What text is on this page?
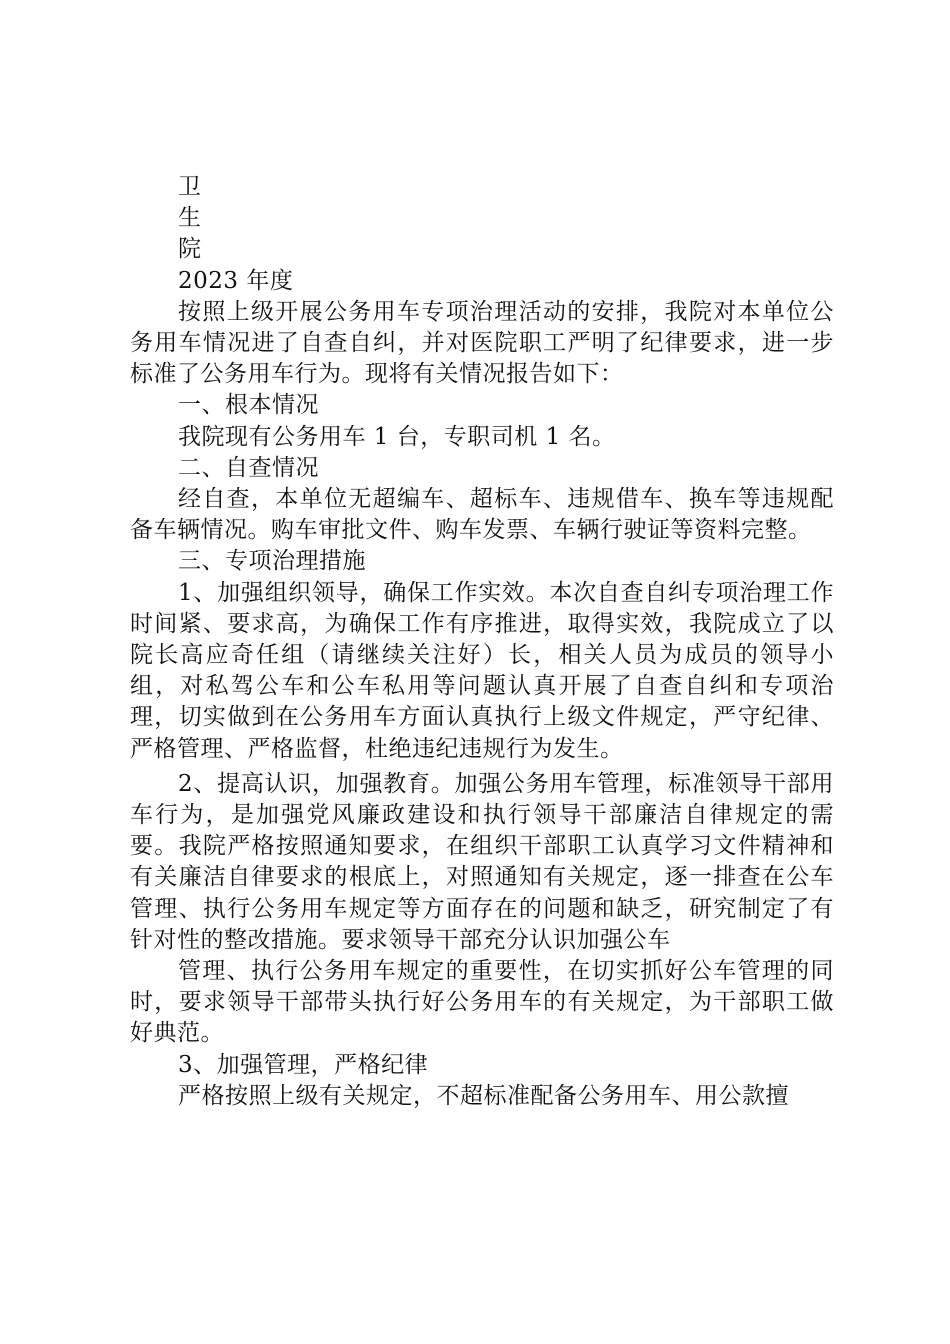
卫

生

院

2023 年度

按照上级开展公务用车专项治理活动的安排，我院对本单位公务用车情况进了自查自纠，并对医院职工严明了纪律要求，进一步标准了公务用车行为。现将有关情况报告如下：

一、根本情况

我院现有公务用车 1 台，专职司机 1 名。

二、自查情况

经自查，本单位无超编车、超标车、违规借车、换车等违规配备车辆情况。购车审批文件、购车发票、车辆行驶证等资料完整。

三、专项治理措施

1、加强组织领导，确保工作实效。本次自查自纠专项治理工作时间紧、要求高，为确保工作有序推进，取得实效，我院成立了以院长高应奇任组（请继续关注好）长，相关人员为成员的领导小组，对私驾公车和公车私用等问题认真开展了自查自纠和专项治理，切实做到在公务用车方面认真执行上级文件规定，严守纪律、严格管理、严格监督，杜绝违纪违规行为发生。

2、提高认识，加强教育。加强公务用车管理，标准领导干部用车行为，是加强党风廉政建设和执行领导干部廉洁自律规定的需要。我院严格按照通知要求，在组织干部职工认真学习文件精神和有关廉洁自律要求的根底上，对照通知有关规定，逐一排查在公车管理、执行公务用车规定等方面存在的问题和缺乏，研究制定了有针对性的整改措施。要求领导干部充分认识加强公车

管理、执行公务用车规定的重要性，在切实抓好公车管理的同时，要求领导干部带头执行好公务用车的有关规定，为干部职工做好典范。

3、加强管理，严格纪律

严格按照上级有关规定，不超标准配备公务用车、用公款擅
